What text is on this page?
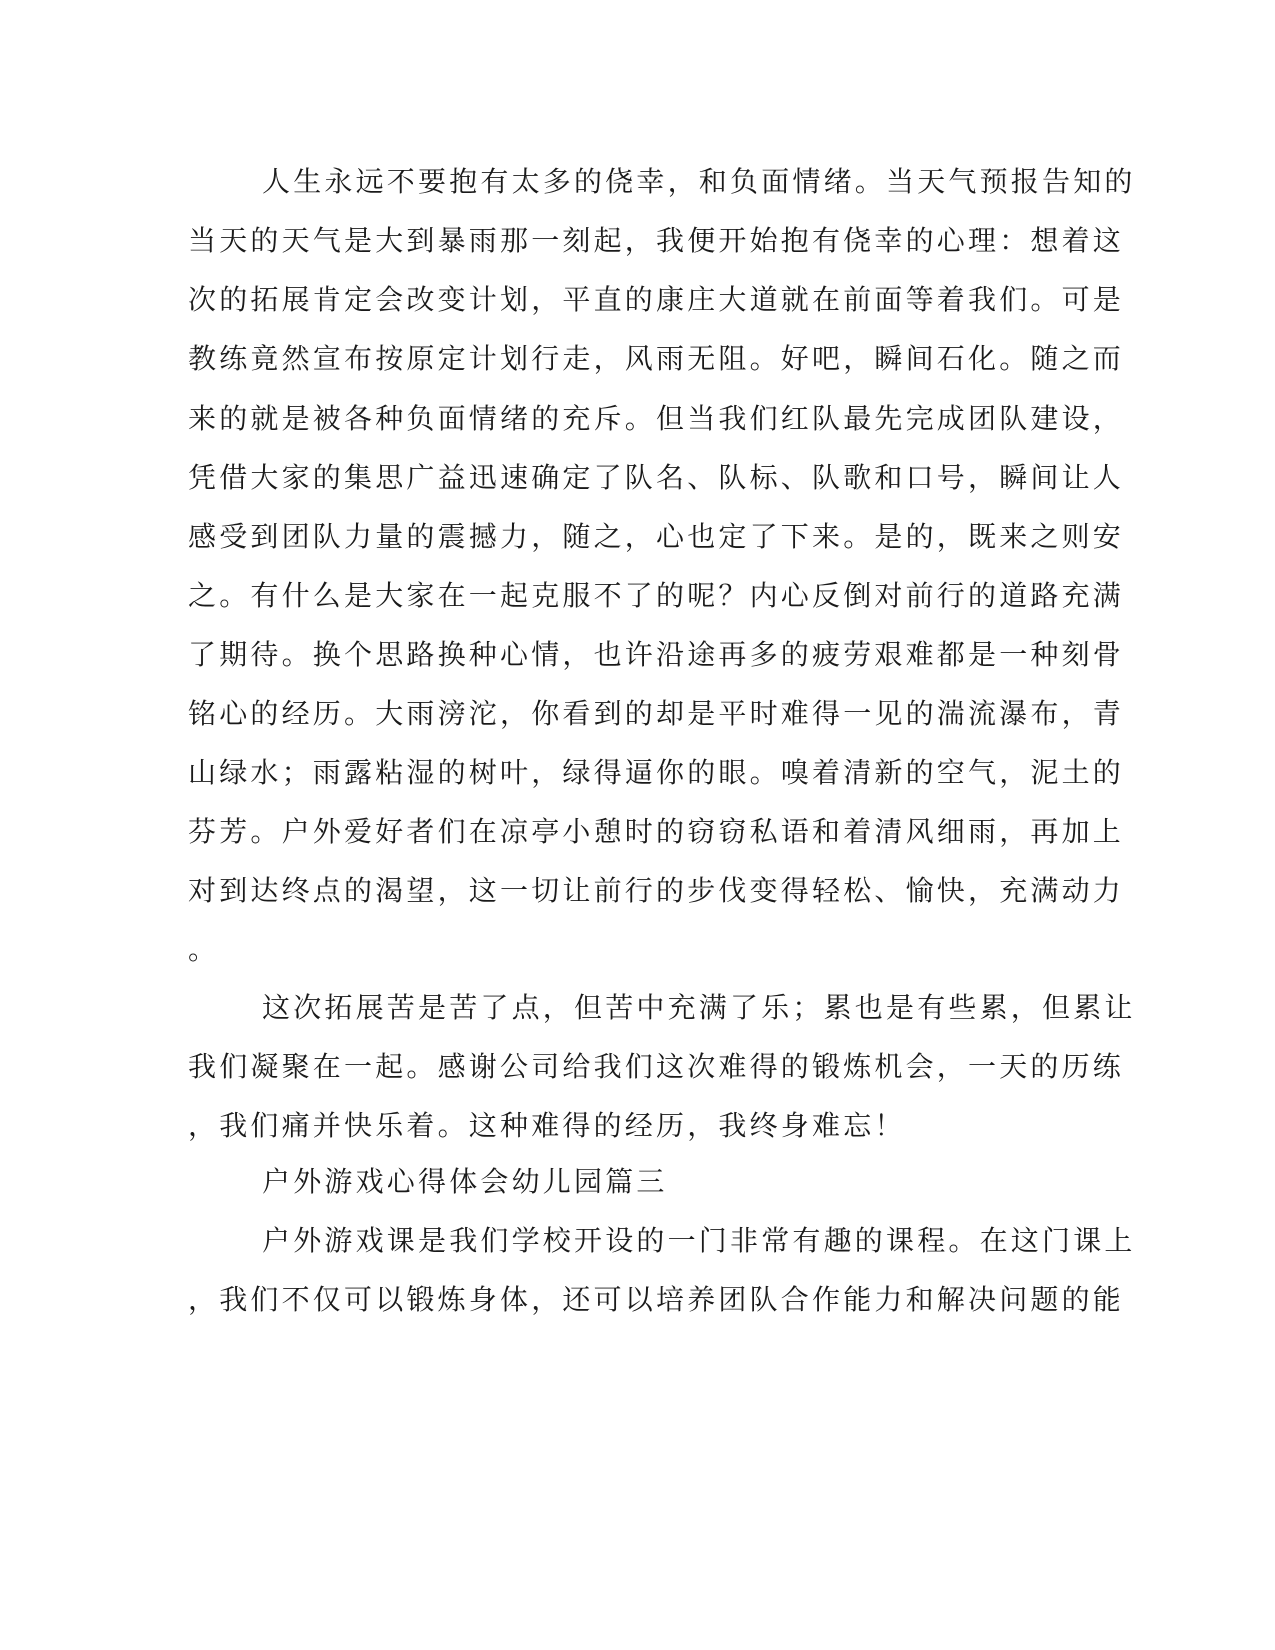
人生永远不要抱有太多的侥幸，和负面情绪。当天气预报告知的
当天的天气是大到暴雨那一刻起，我便开始抱有侥幸的心理：想着这
次的拓展肯定会改变计划，平直的康庄大道就在前面等着我们。可是
教练竟然宣布按原定计划行走，风雨无阻。好吧，瞬间石化。随之而
来的就是被各种负面情绪的充斥。但当我们红队最先完成团队建设，
凭借大家的集思广益迅速确定了队名、队标、队歌和口号，瞬间让人
感受到团队力量的震撼力，随之，心也定了下来。是的，既来之则安
之。有什么是大家在一起克服不了的呢？内心反倒对前行的道路充满
了期待。换个思路换种心情，也许沿途再多的疲劳艰难都是一种刻骨
铭心的经历。大雨滂沱，你看到的却是平时难得一见的湍流瀑布，青
山绿水；雨露粘湿的树叶，绿得逼你的眼。嗅着清新的空气，泥土的
芬芳。户外爱好者们在凉亭小憩时的窃窃私语和着清风细雨，再加上
对到达终点的渴望，这一切让前行的步伐变得轻松、愉快，充满动力
。
这次拓展苦是苦了点，但苦中充满了乐；累也是有些累，但累让
我们凝聚在一起。感谢公司给我们这次难得的锻炼机会，一天的历练
，我们痛并快乐着。这种难得的经历，我终身难忘！
户外游戏心得体会幼儿园篇三
户外游戏课是我们学校开设的一门非常有趣的课程。在这门课上
，我们不仅可以锻炼身体，还可以培养团队合作能力和解决问题的能
